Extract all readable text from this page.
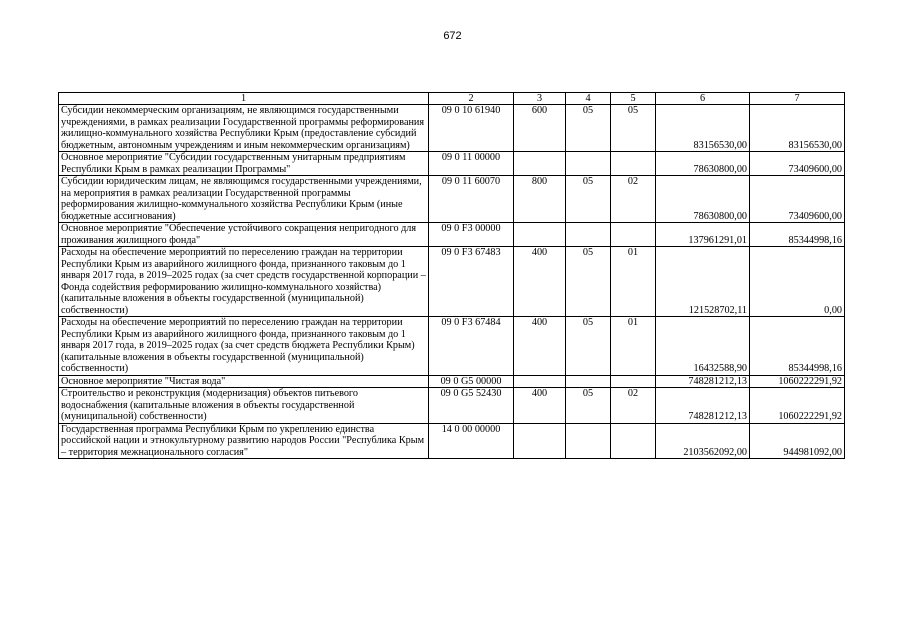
672
1	2	3	4	5	6	7
Субсидии некоммерческим организациям, не являющимся государственными учреждениями, в рамках реализации Государственной программы реформирования жилищно-коммунального хозяйства Республики Крым (предоставление субсидий бюджетным, автономным учреждениям и иным некоммерческим организациям)	09 0 10 61940	600	05	05	83156530,00	83156530,00
Основное мероприятие "Субсидии государственным унитарным предприятиям Республики Крым в рамках реализации Программы"	09 0 11 00000				78630800,00	73409600,00
Субсидии юридическим лицам, не являющимся государственными учреждениями, на мероприятия в рамках реализации Государственной программы реформирования жилищно-коммунального хозяйства Республики Крым (иные бюджетные ассигнования)	09 0 11 60070	800	05	02	78630800,00	73409600,00
Основное мероприятие "Обеспечение устойчивого сокращения непригодного для проживания жилищного фонда"	09 0 F3 00000				137961291,01	85344998,16
Расходы на обеспечение мероприятий по переселению граждан на территории Республики Крым из аварийного жилищного фонда, признанного таковым до 1 января 2017 года, в 2019–2025 годах (за счет средств государственной корпорации – Фонда содействия реформированию жилищно-коммунального хозяйства) (капитальные вложения в объекты государственной (муниципальной) собственности)	09 0 F3 67483	400	05	01	121528702,11	0,00
Расходы на обеспечение мероприятий по переселению граждан на территории Республики Крым из аварийного жилищного фонда, признанного таковым до 1 января 2017 года, в 2019–2025 годах (за счет средств бюджета Республики Крым) (капитальные вложения в объекты государственной (муниципальной) собственности)	09 0 F3 67484	400	05	01	16432588,90	85344998,16
Основное мероприятие "Чистая вода"	09 0 G5 00000				748281212,13	1060222291,92
Строительство и реконструкция (модернизация) объектов питьевого водоснабжения (капитальные вложения в объекты государственной (муниципальной) собственности)	09 0 G5 52430	400	05	02	748281212,13	1060222291,92
Государственная программа Республики Крым по укреплению единства российской нации и этнокультурному развитию народов России "Республика Крым – территория межнационального согласия"	14 0 00 00000				2103562092,00	944981092,00
